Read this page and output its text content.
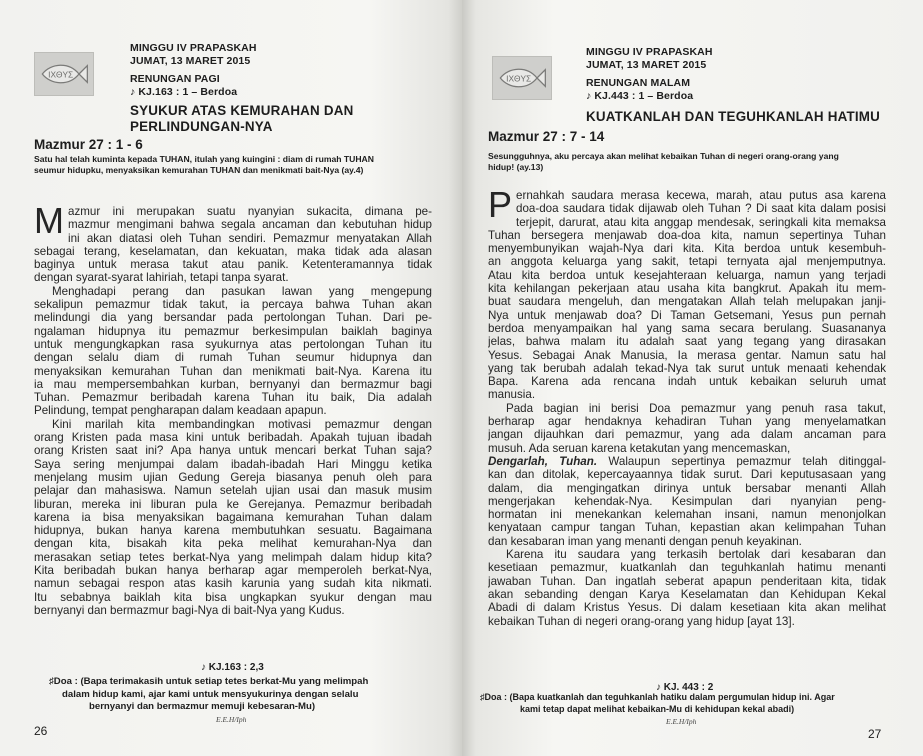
IXΘYΣ
MINGGU IV PRAPASKAH
JUMAT, 13 MARET 2015
RENUNGAN PAGI
♪ KJ.163 : 1 – Berdoa
SYUKUR ATAS KEMURAHAN DAN
PERLINDUNGAN-NYA
Mazmur 27 : 1 - 6
Satu hal telah kuminta kepada TUHAN, itulah yang kuingini : diam di rumah TUHAN
seumur hidupku, menyaksikan kemurahan TUHAN dan menikmati bait-Nya (ay.4)

M azmur ini merupakan suatu nyanyian sukacita, dimana pe-
mazmur mengimani bahwa segala ancaman dan kebutuhan hidup
ini akan diatasi oleh Tuhan sendiri. Pemazmur menyatakan Allah
sebagai terang, keselamatan, dan kekuatan, maka tidak ada alasan
baginya untuk merasa takut atau panik. Ketenteramannya tidak
dengan syarat-syarat lahiriah, tetapi tanpa syarat.

Menghadapi perang dan pasukan lawan yang mengepung
sekalipun pemazmur tidak takut, ia percaya bahwa Tuhan akan
melindungi dia yang bersandar pada pertolongan Tuhan. Dari pe-
ngalaman hidupnya itu pemazmur berkesimpulan baiklah baginya
untuk mengungkapkan rasa syukurnya atas pertolongan Tuhan itu
dengan selalu diam di rumah Tuhan seumur hidupnya dan
menyaksikan kemurahan Tuhan dan menikmati bait-Nya. Karena itu
ia mau mempersembahkan kurban, bernyanyi dan bermazmur bagi
Tuhan. Pemazmur beribadah karena Tuhan itu baik, Dia adalah
Pelindung, tempat pengharapan dalam keadaan apapun.

Kini marilah kita membandingkan motivasi pemazmur dengan
orang Kristen pada masa kini untuk beribadah. Apakah tujuan ibadah
orang Kristen saat ini? Apa hanya untuk mencari berkat Tuhan saja?
Saya sering menjumpai dalam ibadah-ibadah Hari Minggu ketika
menjelang musim ujian Gedung Gereja biasanya penuh oleh para
pelajar dan mahasiswa. Namun setelah ujian usai dan masuk musim
liburan, mereka ini liburan pula ke Gerejanya. Pemazmur beribadah
karena ia bisa menyaksikan bagaimana kemurahan Tuhan dalam
hidupnya, bukan hanya karena membutuhkan sesuatu. Bagaimana
dengan kita, bisakah kita peka melihat kemurahan-Nya dan
merasakan setiap tetes berkat-Nya yang melimpah dalam hidup kita?
Kita beribadah bukan hanya berharap agar memperoleh berkat-Nya,
namun sebagai respon atas kasih karunia yang sudah kita nikmati.
Itu sebabnya baiklah kita bisa ungkapkan syukur dengan mau
bernyanyi dan bermazmur bagi-Nya di bait-Nya yang Kudus.

♪ KJ.163 : 2,3
♯Doa : (Bapa terimakasih untuk setiap tetes berkat-Mu yang melimpah
dalam hidup kami, ajar kami untuk mensyukurinya dengan selalu
bernyanyi dan bermazmur memuji kebesaran-Mu)
E.E.H/Iph
26
IXΘYΣ
MINGGU IV PRAPASKAH
JUMAT, 13 MARET 2015
RENUNGAN MALAM
♪ KJ.443 : 1 – Berdoa
KUATKANLAH DAN TEGUHKANLAH HATIMU
Mazmur 27 : 7 - 14
Sesungguhnya, aku percaya akan melihat kebaikan Tuhan di negeri orang-orang yang
hidup! (ay.13)

P ernahkah saudara merasa kecewa, marah, atau putus asa karena
doa-doa saudara tidak dijawab oleh Tuhan ? Di saat kita dalam posisi
terjepit, darurat, atau kita anggap mendesak, seringkali kita memaksa
Tuhan bersegera menjawab doa-doa kita, namun sepertinya Tuhan
menyembunyikan wajah-Nya dari kita. Kita berdoa untuk kesembuh-
an anggota keluarga yang sakit, tetapi ternyata ajal menjemputnya.
Atau kita berdoa untuk kesejahteraan keluarga, namun yang terjadi
kita kehilangan pekerjaan atau usaha kita bangkrut. Apakah itu mem-
buat saudara mengeluh, dan mengatakan Allah telah melupakan janji-
Nya untuk menjawab doa? Di Taman Getsemani, Yesus pun pernah
berdoa menyampaikan hal yang sama secara berulang. Suasananya
jelas, bahwa malam itu adalah saat yang tegang yang dirasakan
Yesus. Sebagai Anak Manusia, Ia merasa gentar. Namun satu hal
yang tak berubah adalah tekad-Nya tak surut untuk menaati kehendak
Bapa. Karena ada rencana indah untuk kebaikan seluruh umat
manusia.

Pada bagian ini berisi Doa pemazmur yang penuh rasa takut,
berharap agar hendaknya kehadiran Tuhan yang menyelamatkan
jangan dijauhkan dari pemazmur, yang ada dalam ancaman para
musuh. Ada seruan karena ketakutan yang mencemaskan,

Dengarlah, Tuhan. Walaupun sepertinya pemazmur telah ditinggal-
kan dan ditolak, kepercayaannya tidak surut. Dari keputusasaan yang
dalam, dia mengingatkan dirinya untuk bersabar menanti Allah
mengerjakan kehendak-Nya. Kesimpulan dari nyanyian peng-
hormatan ini menekankan kelemahan insani, namun menonjolkan
kenyataan campur tangan Tuhan, kepastian akan kelimpahan Tuhan
dan kesabaran iman yang menanti dengan penuh keyakinan.

Karena itu saudara yang terkasih bertolak dari kesabaran dan
kesetiaan pemazmur, kuatkanlah dan teguhkanlah hatimu menanti
jawaban Tuhan. Dan ingatlah seberat apapun penderitaan kita, tidak
akan sebanding dengan Karya Keselamatan dan Kehidupan Kekal
Abadi di dalam Kristus Yesus. Di dalam kesetiaan kita akan melihat
kebaikan Tuhan di negeri orang-orang yang hidup [ayat 13].

♪ KJ. 443 : 2
♯Doa : (Bapa kuatkanlah dan teguhkanlah hatiku dalam pergumulan hidup ini. Agar
kami tetap dapat melihat kebaikan-Mu di kehidupan kekal abadi)
E.E.H/Iph
27
